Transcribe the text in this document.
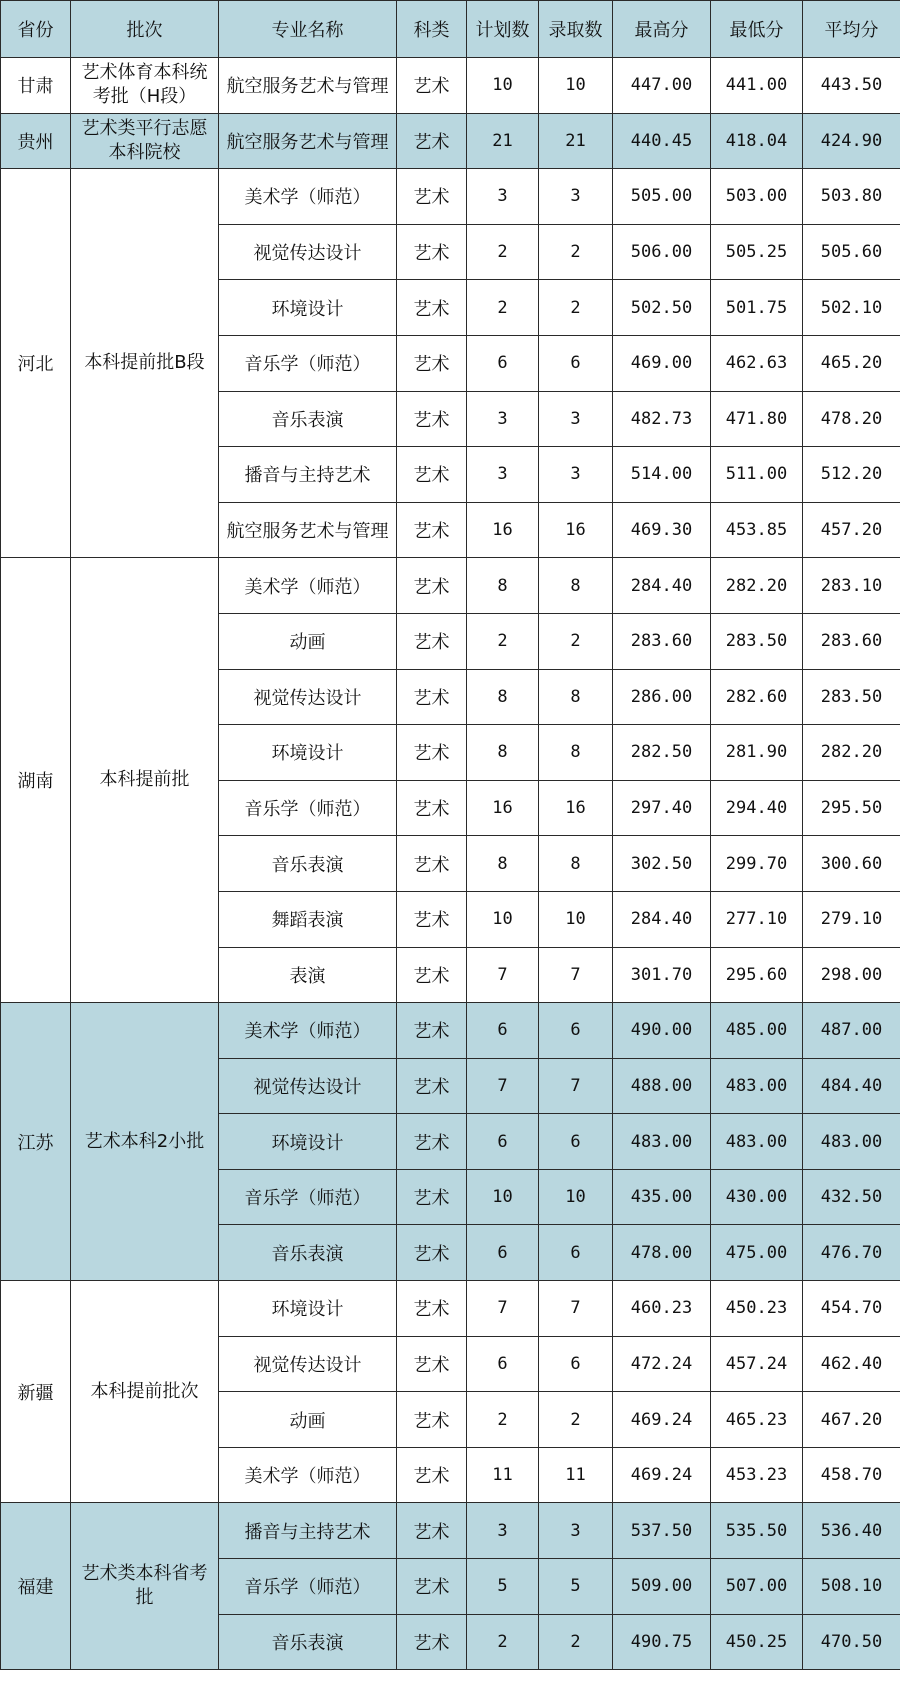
省份	批次	专业名称	科类	计划数	录取数	最高分	最低分	平均分
甘肃	艺术体育本科统考批（H段）	航空服务艺术与管理	艺术	10	10	447.00	441.00	443.50
贵州	艺术类平行志愿本科院校	航空服务艺术与管理	艺术	21	21	440.45	418.04	424.90
河北	本科提前批B段	美术学（师范）	艺术	3	3	505.00	503.00	503.80
		视觉传达设计	艺术	2	2	506.00	505.25	505.60
		环境设计	艺术	2	2	502.50	501.75	502.10
		音乐学（师范）	艺术	6	6	469.00	462.63	465.20
		音乐表演	艺术	3	3	482.73	471.80	478.20
		播音与主持艺术	艺术	3	3	514.00	511.00	512.20
		航空服务艺术与管理	艺术	16	16	469.30	453.85	457.20
湖南	本科提前批	美术学（师范）	艺术	8	8	284.40	282.20	283.10
		动画	艺术	2	2	283.60	283.50	283.60
		视觉传达设计	艺术	8	8	286.00	282.60	283.50
		环境设计	艺术	8	8	282.50	281.90	282.20
		音乐学（师范）	艺术	16	16	297.40	294.40	295.50
		音乐表演	艺术	8	8	302.50	299.70	300.60
		舞蹈表演	艺术	10	10	284.40	277.10	279.10
		表演	艺术	7	7	301.70	295.60	298.00
江苏	艺术本科2小批	美术学（师范）	艺术	6	6	490.00	485.00	487.00
		视觉传达设计	艺术	7	7	488.00	483.00	484.40
		环境设计	艺术	6	6	483.00	483.00	483.00
		音乐学（师范）	艺术	10	10	435.00	430.00	432.50
		音乐表演	艺术	6	6	478.00	475.00	476.70
新疆	本科提前批次	环境设计	艺术	7	7	460.23	450.23	454.70
		视觉传达设计	艺术	6	6	472.24	457.24	462.40
		动画	艺术	2	2	469.24	465.23	467.20
		美术学（师范）	艺术	11	11	469.24	453.23	458.70
福建	艺术类本科省考批	播音与主持艺术	艺术	3	3	537.50	535.50	536.40
		音乐学（师范）	艺术	5	5	509.00	507.00	508.10
		音乐表演	艺术	2	2	490.75	450.25	470.50
